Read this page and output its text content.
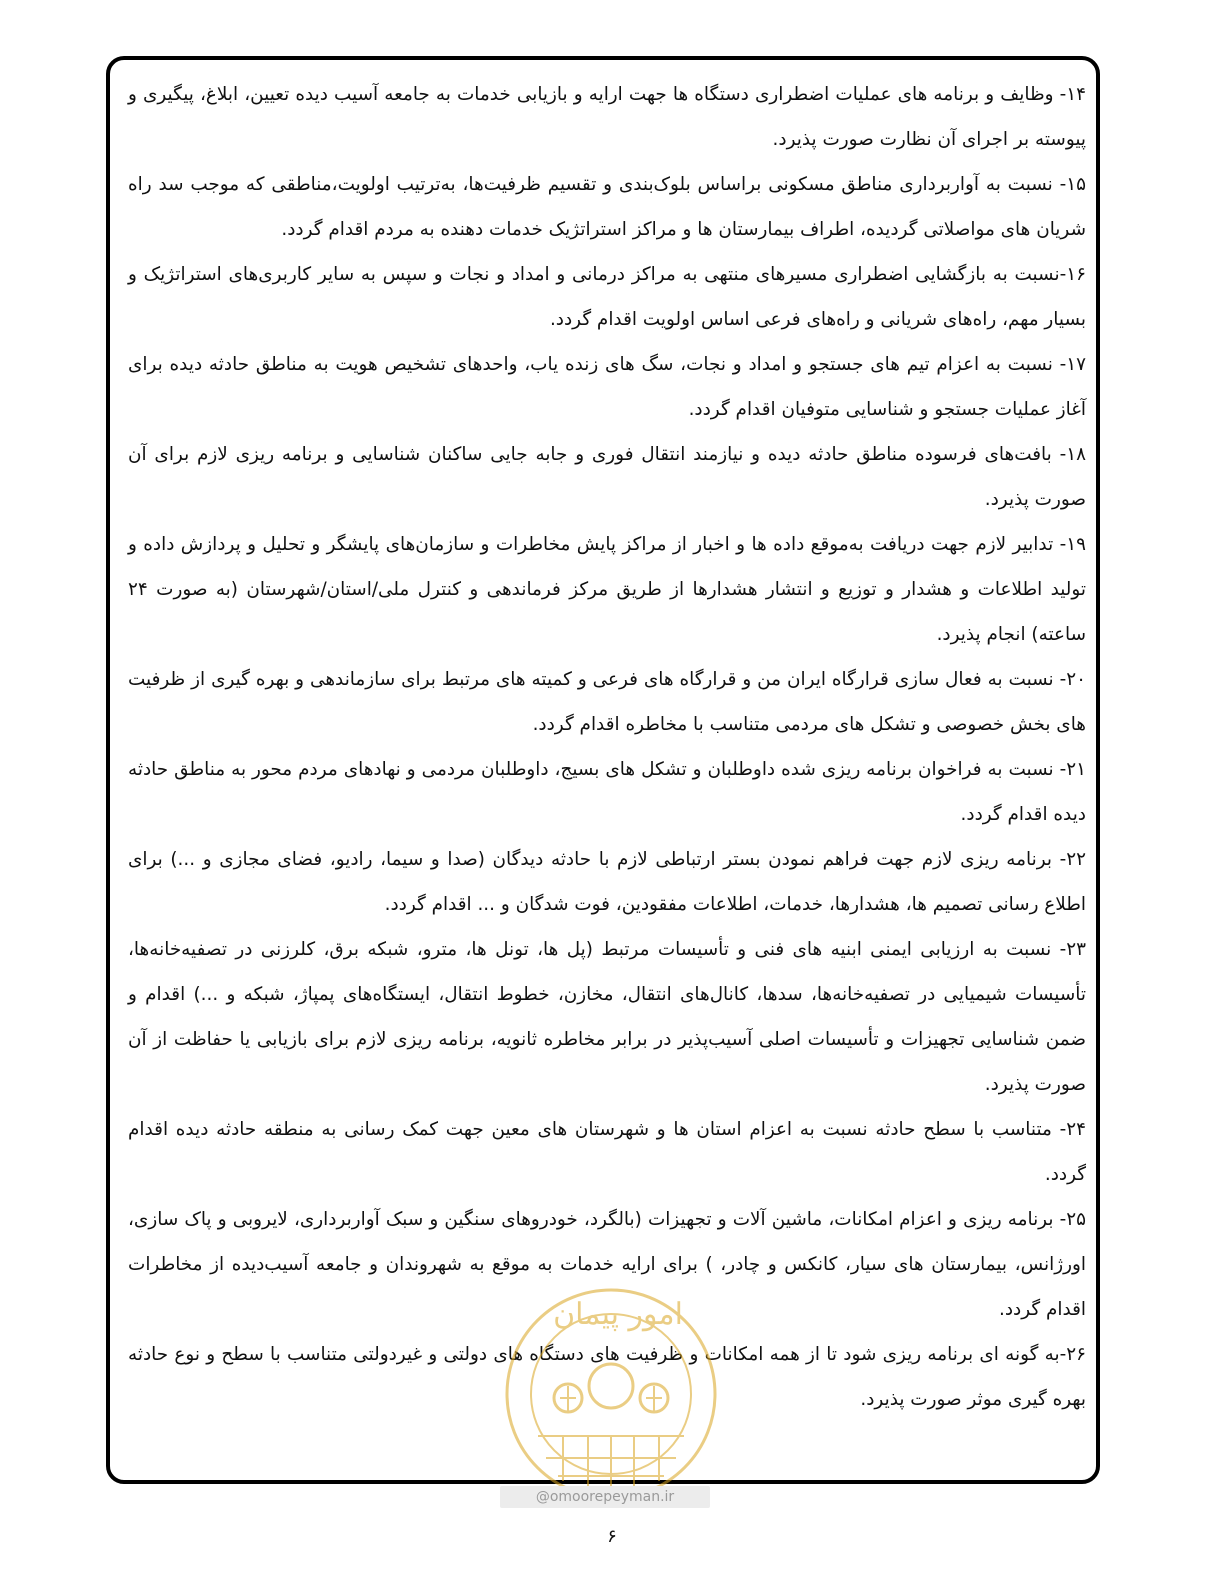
۱۴- وظایف و برنامه های عملیات اضطراری دستگاه ها جهت ارایه و بازیابی خدمات به جامعه آسیب دیده تعیین، ابلاغ، پیگیری و پیوسته بر اجرای آن نظارت صورت پذیرد.

۱۵- نسبت به آواربرداری مناطق مسکونی براساس بلوک‌بندی و تقسیم ظرفیت‌ها، به‌ترتیب اولویت،مناطقی که موجب سد راه شریان های مواصلاتی گردیده، اطراف بیمارستان ها و مراکز استراتژیک خدمات دهنده به مردم اقدام گردد.

۱۶-نسبت به بازگشایی اضطراری مسیرهای منتهی به مراکز درمانی و امداد و نجات و سپس به سایر کاربری‌های استراتژیک و بسیار مهم، راه‌های شریانی و راه‌های فرعی اساس اولویت اقدام گردد.

۱۷- نسبت به اعزام تیم های جستجو و امداد و نجات، سگ های زنده یاب، واحدهای تشخیص هویت به مناطق حادثه دیده برای آغاز عملیات جستجو و شناسایی متوفیان اقدام گردد.

۱۸- بافت‌های فرسوده مناطق حادثه دیده و نیازمند انتقال فوری و جابه جایی ساکنان شناسایی و برنامه ریزی لازم برای آن صورت پذیرد.

۱۹- تدابیر لازم جهت دریافت به‌موقع داده ها و اخبار از مراکز پایش مخاطرات و سازمان‌های پایشگر و تحلیل و پردازش داده و تولید اطلاعات و هشدار و توزیع و انتشار هشدارها از طریق مرکز فرماندهی و کنترل ملی/استان/شهرستان (به صورت ۲۴ ساعته) انجام پذیرد.

۲۰- نسبت به فعال سازی قرارگاه ایران من و قرارگاه های فرعی و کمیته های مرتبط برای سازماندهی و بهره گیری از ظرفیت های بخش خصوصی و تشکل های مردمی متناسب با مخاطره اقدام گردد.

۲۱- نسبت به فراخوان برنامه ریزی شده داوطلبان و تشکل های بسیج، داوطلبان مردمی و نهادهای مردم محور به مناطق حادثه دیده اقدام گردد.

۲۲- برنامه ریزی لازم جهت فراهم نمودن بستر ارتباطی لازم با حادثه دیدگان (صدا و سیما، رادیو، فضای مجازی و ...) برای اطلاع رسانی تصمیم ها، هشدارها، خدمات، اطلاعات مفقودین، فوت شدگان و ... اقدام گردد.

۲۳- نسبت به ارزیابی ایمنی ابنیه های فنی و تأسیسات مرتبط (پل ها، تونل ها، مترو، شبکه برق، کلرزنی در تصفیه‌خانه‌ها، تأسیسات شیمیایی در تصفیه‌خانه‌ها، سدها، کانال‌های انتقال، مخازن، خطوط انتقال، ایستگاه‌های پمپاژ، شبکه و ...) اقدام و ضمن شناسایی تجهیزات و تأسیسات اصلی آسیب‌پذیر در برابر مخاطره ثانویه، برنامه ریزی لازم برای بازیابی یا حفاظت از آن صورت پذیرد.

۲۴- متناسب با سطح حادثه نسبت به اعزام استان ها و شهرستان های معین جهت کمک رسانی به منطقه حادثه دیده اقدام گردد.

۲۵- برنامه ریزی و اعزام امکانات، ماشین آلات و تجهیزات (بالگرد، خودروهای سنگین و سبک آواربرداری، لایروبی و پاک سازی، اورژانس، بیمارستان های سیار، کانکس و چادر، ) برای ارایه خدمات به موقع به شهروندان و جامعه آسیب‌دیده از مخاطرات اقدام گردد.

۲۶-به گونه ای برنامه ریزی شود تا از همه امکانات و ظرفیت های دستگاه های دولتی و غیردولتی متناسب با سطح و نوع حادثه بهره گیری موثر صورت پذیرد.

امور پیمان
@omoorepeyman.ir
۶
